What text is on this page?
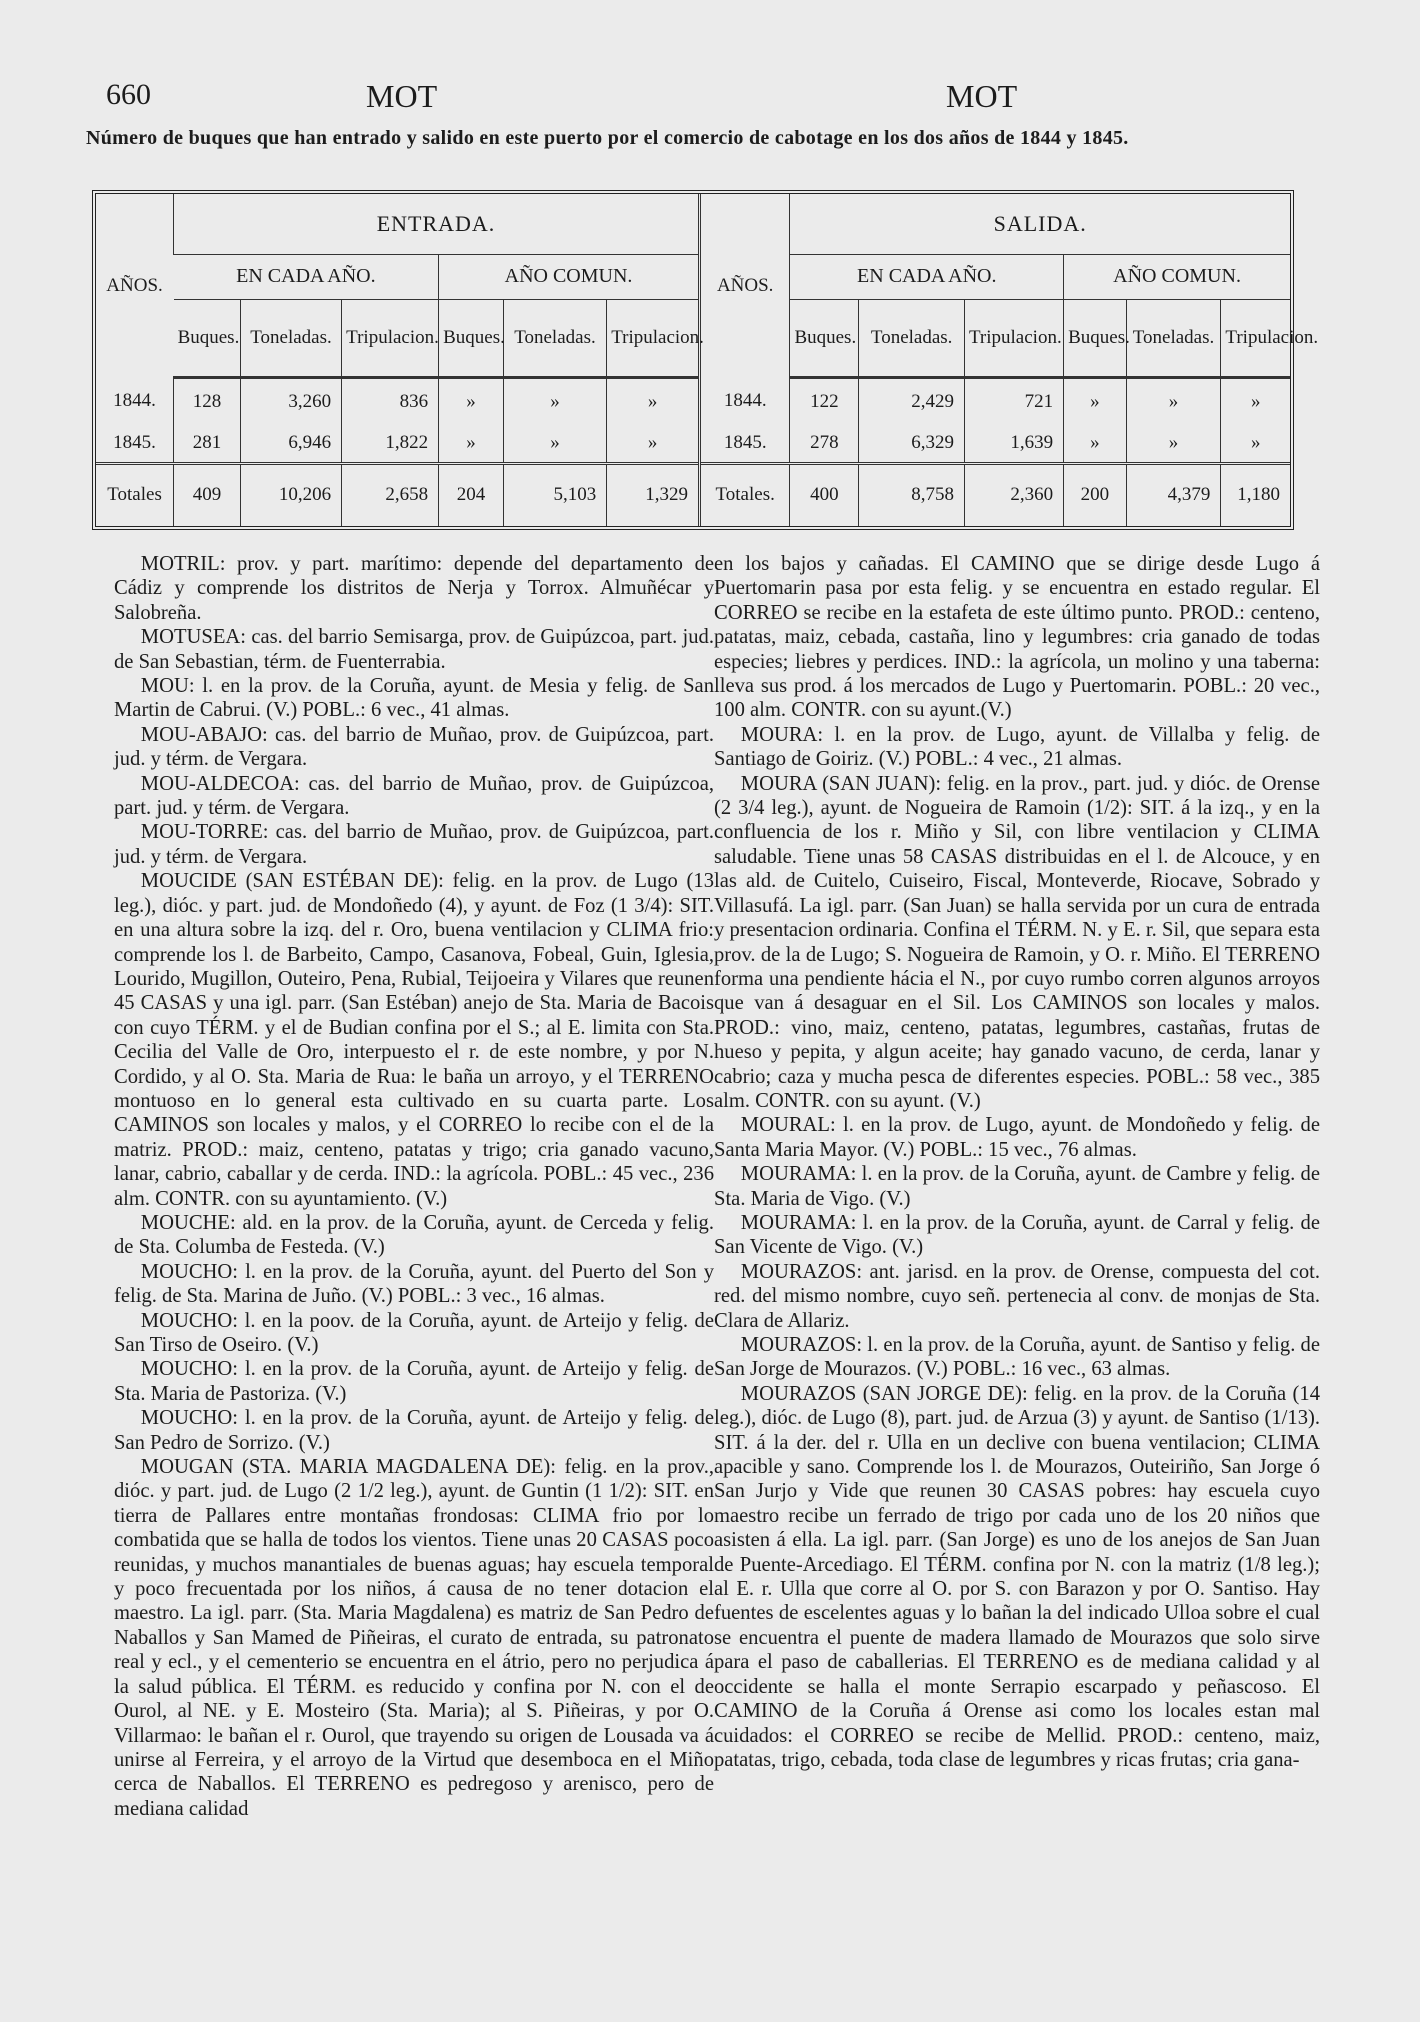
660	MOT	MOT
Número de buques que han entrado y salido en este puerto por el comercio de cabotage en los dos años de 1844 y 1845.
AÑOS.	ENTRADA.						AÑOS.	SALIDA.					
	EN CADA AÑO.			AÑO COMUN.				EN CADA AÑO.			AÑO COMUN.		
	Buques.	Toneladas.	Tripulacion.	Buques.	Toneladas.	Tripulacion.		Buques.	Toneladas.	Tripulacion.	Buques.	Toneladas.	Tripulacion.
1844.	128	3,260	836	»	»	»	1844.	122	2,429	721	»	»	»
1845.	281	6,946	1,822	»	»	»	1845.	278	6,329	1,639	»	»	»
Totales	409	10,206	2,658	204	5,103	1,329	Totales.	400	8,758	2,360	200	4,379	1,180

MOTRIL: prov. y part. marítimo: depende del departamento de Cádiz y comprende los distritos de Nerja y Torrox. Almuñécar y Salobreña.

MOTUSEA: cas. del barrio Semisarga, prov. de Guipúzcoa, part. jud. de San Sebastian, térm. de Fuenterrabia.

MOU: l. en la prov. de la Coruña, ayunt. de Mesia y felig. de San Martin de Cabrui. (V.) POBL.: 6 vec., 41 almas.

MOU-ABAJO: cas. del barrio de Muñao, prov. de Guipúzcoa, part. jud. y térm. de Vergara.

MOU-ALDECOA: cas. del barrio de Muñao, prov. de Guipúzcoa, part. jud. y térm. de Vergara.

MOU-TORRE: cas. del barrio de Muñao, prov. de Guipúzcoa, part. jud. y térm. de Vergara.

MOUCIDE (SAN ESTÉBAN DE): felig. en la prov. de Lugo (13 leg.), dióc. y part. jud. de Mondoñedo (4), y ayunt. de Foz (1 3/4): SIT. en una altura sobre la izq. del r. Oro, buena ventilacion y CLIMA frio: comprende los l. de Barbeito, Campo, Casanova, Fobeal, Guin, Iglesia, Lourido, Mugillon, Outeiro, Pena, Rubial, Teijoeira y Vilares que reunen 45 CASAS y una igl. parr. (San Estéban) anejo de Sta. Maria de Bacois con cuyo TÉRM. y el de Budian confina por el S.; al E. limita con Sta. Cecilia del Valle de Oro, interpuesto el r. de este nombre, y por N. Cordido, y al O. Sta. Maria de Rua: le baña un arroyo, y el TERRENO montuoso en lo general esta cultivado en su cuarta parte. Los CAMINOS son locales y malos, y el CORREO lo recibe con el de la matriz. PROD.: maiz, centeno, patatas y trigo; cria ganado vacuno, lanar, cabrio, caballar y de cerda. IND.: la agrícola. POBL.: 45 vec., 236 alm. CONTR. con su ayuntamiento. (V.)

MOUCHE: ald. en la prov. de la Coruña, ayunt. de Cerceda y felig. de Sta. Columba de Festeda. (V.)

MOUCHO: l. en la prov. de la Coruña, ayunt. del Puerto del Son y felig. de Sta. Marina de Juño. (V.) POBL.: 3 vec., 16 almas.

MOUCHO: l. en la poov. de la Coruña, ayunt. de Arteijo y felig. de San Tirso de Oseiro. (V.)

MOUCHO: l. en la prov. de la Coruña, ayunt. de Arteijo y felig. de Sta. Maria de Pastoriza. (V.)

MOUCHO: l. en la prov. de la Coruña, ayunt. de Arteijo y felig. de San Pedro de Sorrizo. (V.)

MOUGAN (STA. MARIA MAGDALENA DE): felig. en la prov., dióc. y part. jud. de Lugo (2 1/2 leg.), ayunt. de Guntin (1 1/2): SIT. en tierra de Pallares entre montañas frondosas: CLIMA frio por lo combatida que se halla de todos los vientos. Tiene unas 20 CASAS poco reunidas, y muchos manantiales de buenas aguas; hay escuela temporal y poco frecuentada por los niños, á causa de no tener dotacion el maestro. La igl. parr. (Sta. Maria Magdalena) es matriz de San Pedro de Naballos y San Mamed de Piñeiras, el curato de entrada, su patronato real y ecl., y el cementerio se encuentra en el átrio, pero no perjudica á la salud pública. El TÉRM. es reducido y confina por N. con el de Ourol, al NE. y E. Mosteiro (Sta. Maria); al S. Piñeiras, y por O. Villarmao: le bañan el r. Ourol, que trayendo su origen de Lousada va á unirse al Ferreira, y el arroyo de la Virtud que desemboca en el Miño cerca de Naballos. El TERRENO es pedregoso y arenisco, pero de mediana calidad

en los bajos y cañadas. El CAMINO que se dirige desde Lugo á Puertomarin pasa por esta felig. y se encuentra en estado regular. El CORREO se recibe en la estafeta de este último punto. PROD.: centeno, patatas, maiz, cebada, castaña, lino y legumbres: cria ganado de todas especies; liebres y perdices. IND.: la agrícola, un molino y una taberna: lleva sus prod. á los mercados de Lugo y Puertomarin. POBL.: 20 vec., 100 alm. CONTR. con su ayunt.(V.)

MOURA: l. en la prov. de Lugo, ayunt. de Villalba y felig. de Santiago de Goiriz. (V.) POBL.: 4 vec., 21 almas.

MOURA (SAN JUAN): felig. en la prov., part. jud. y dióc. de Orense (2 3/4 leg.), ayunt. de Nogueira de Ramoin (1/2): SIT. á la izq., y en la confluencia de los r. Miño y Sil, con libre ventilacion y CLIMA saludable. Tiene unas 58 CASAS distribuidas en el l. de Alcouce, y en las ald. de Cuitelo, Cuiseiro, Fiscal, Monteverde, Riocave, Sobrado y Villasufá. La igl. parr. (San Juan) se halla servida por un cura de entrada y presentacion ordinaria. Confina el TÉRM. N. y E. r. Sil, que separa esta prov. de la de Lugo; S. Nogueira de Ramoin, y O. r. Miño. El TERRENO forma una pendiente hácia el N., por cuyo rumbo corren algunos arroyos que van á desaguar en el Sil. Los CAMINOS son locales y malos. PROD.: vino, maiz, centeno, patatas, legumbres, castañas, frutas de hueso y pepita, y algun aceite; hay ganado vacuno, de cerda, lanar y cabrio; caza y mucha pesca de diferentes especies. POBL.: 58 vec., 385 alm. CONTR. con su ayunt. (V.)

MOURAL: l. en la prov. de Lugo, ayunt. de Mondoñedo y felig. de Santa Maria Mayor. (V.) POBL.: 15 vec., 76 almas.

MOURAMA: l. en la prov. de la Coruña, ayunt. de Cambre y felig. de Sta. Maria de Vigo. (V.)

MOURAMA: l. en la prov. de la Coruña, ayunt. de Carral y felig. de San Vicente de Vigo. (V.)

MOURAZOS: ant. jarisd. en la prov. de Orense, compuesta del cot. red. del mismo nombre, cuyo señ. pertenecia al conv. de monjas de Sta. Clara de Allariz.

MOURAZOS: l. en la prov. de la Coruña, ayunt. de Santiso y felig. de San Jorge de Mourazos. (V.) POBL.: 16 vec., 63 almas.

MOURAZOS (SAN JORGE DE): felig. en la prov. de la Coruña (14 leg.), dióc. de Lugo (8), part. jud. de Arzua (3) y ayunt. de Santiso (1/13). SIT. á la der. del r. Ulla en un declive con buena ventilacion; CLIMA apacible y sano. Comprende los l. de Mourazos, Outeiriño, San Jorge ó San Jurjo y Vide que reunen 30 CASAS pobres: hay escuela cuyo maestro recibe un ferrado de trigo por cada uno de los 20 niños que asisten á ella. La igl. parr. (San Jorge) es uno de los anejos de San Juan de Puente-Arcediago. El TÉRM. confina por N. con la matriz (1/8 leg.); al E. r. Ulla que corre al O. por S. con Barazon y por O. Santiso. Hay fuentes de escelentes aguas y lo bañan la del indicado Ulloa sobre el cual se encuentra el puente de madera llamado de Mourazos que solo sirve para el paso de caballerias. El TERRENO es de mediana calidad y al occidente se halla el monte Serrapio escarpado y peñascoso. El CAMINO de la Coruña á Orense asi como los locales estan mal cuidados: el CORREO se recibe de Mellid. PROD.: centeno, maiz, patatas, trigo, cebada, toda clase de legumbres y ricas frutas; cria gana-
